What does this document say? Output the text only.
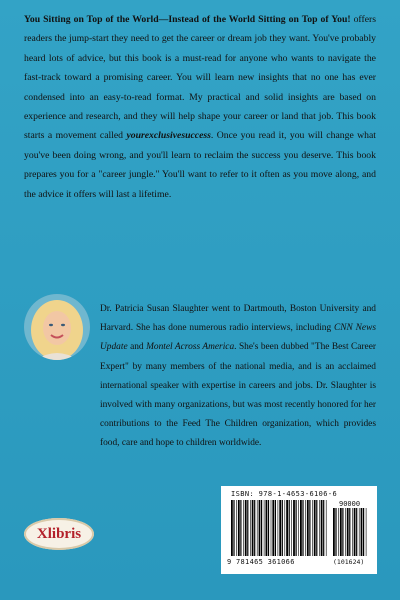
You Sitting on Top of the World—Instead of the World Sitting on Top of You! offers readers the jump-start they need to get the career or dream job they want. You've probably heard lots of advice, but this book is a must-read for anyone who wants to navigate the fast-track toward a promising career. You will learn new insights that no one has ever condensed into an easy-to-read format. My practical and solid insights are based on experience and research, and they will help shape your career or land that job. This book starts a movement called yourexclusivesuccess. Once you read it, you will change what you've been doing wrong, and you'll learn to reclaim the success you deserve. This book prepares you for a "career jungle." You'll want to refer to it often as you move along, and the advice it offers will last a lifetime.

Dr. Patricia Susan Slaughter went to Dartmouth, Boston University and Harvard. She has done numerous radio interviews, including CNN News Update and Montel Across America. She's been dubbed "The Best Career Expert" by many members of the national media, and is an acclaimed international speaker with expertise in careers and jobs. Dr. Slaughter is involved with many organizations, but was most recently honored for her contributions to the Feed The Children organization, which provides food, care and hope to children worldwide.

Xlibris
ISBN: 978-1-4653-6106-6
90000
9 781465 361066	(101624)
